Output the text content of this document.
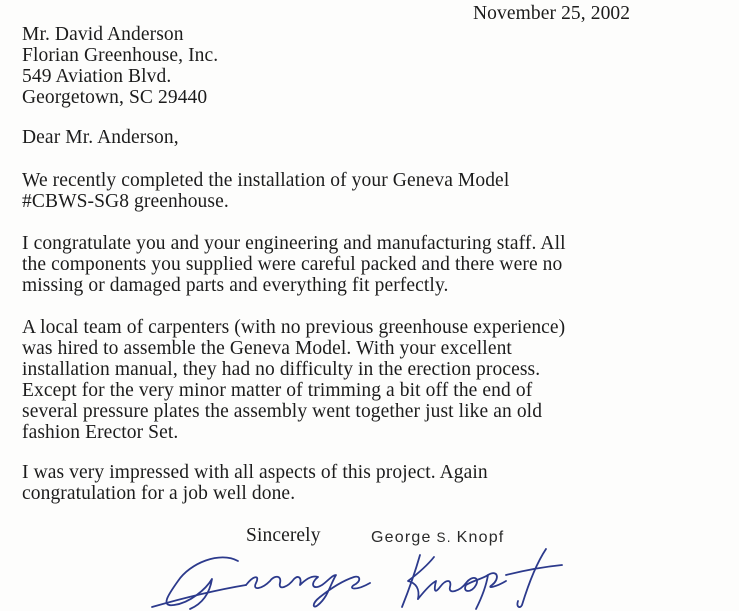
November 25, 2002
Mr. David Anderson
Florian Greenhouse, Inc.
549 Aviation Blvd.
Georgetown, SC 29440
Dear Mr. Anderson,
We recently completed the installation of your Geneva Model
#CBWS-SG8 greenhouse.
I congratulate you and your engineering and manufacturing staff. All
the components you supplied were careful packed and there were no
missing or damaged parts and everything fit perfectly.
A local team of carpenters (with no previous greenhouse experience)
was hired to assemble the Geneva Model. With your excellent
installation manual, they had no difficulty in the erection process.
Except for the very minor matter of trimming a bit off the end of
several pressure plates the assembly went together just like an old
fashion Erector Set.
I was very impressed with all aspects of this project. Again
congratulation for a job well done.
Sincerely	George S. Knopf
